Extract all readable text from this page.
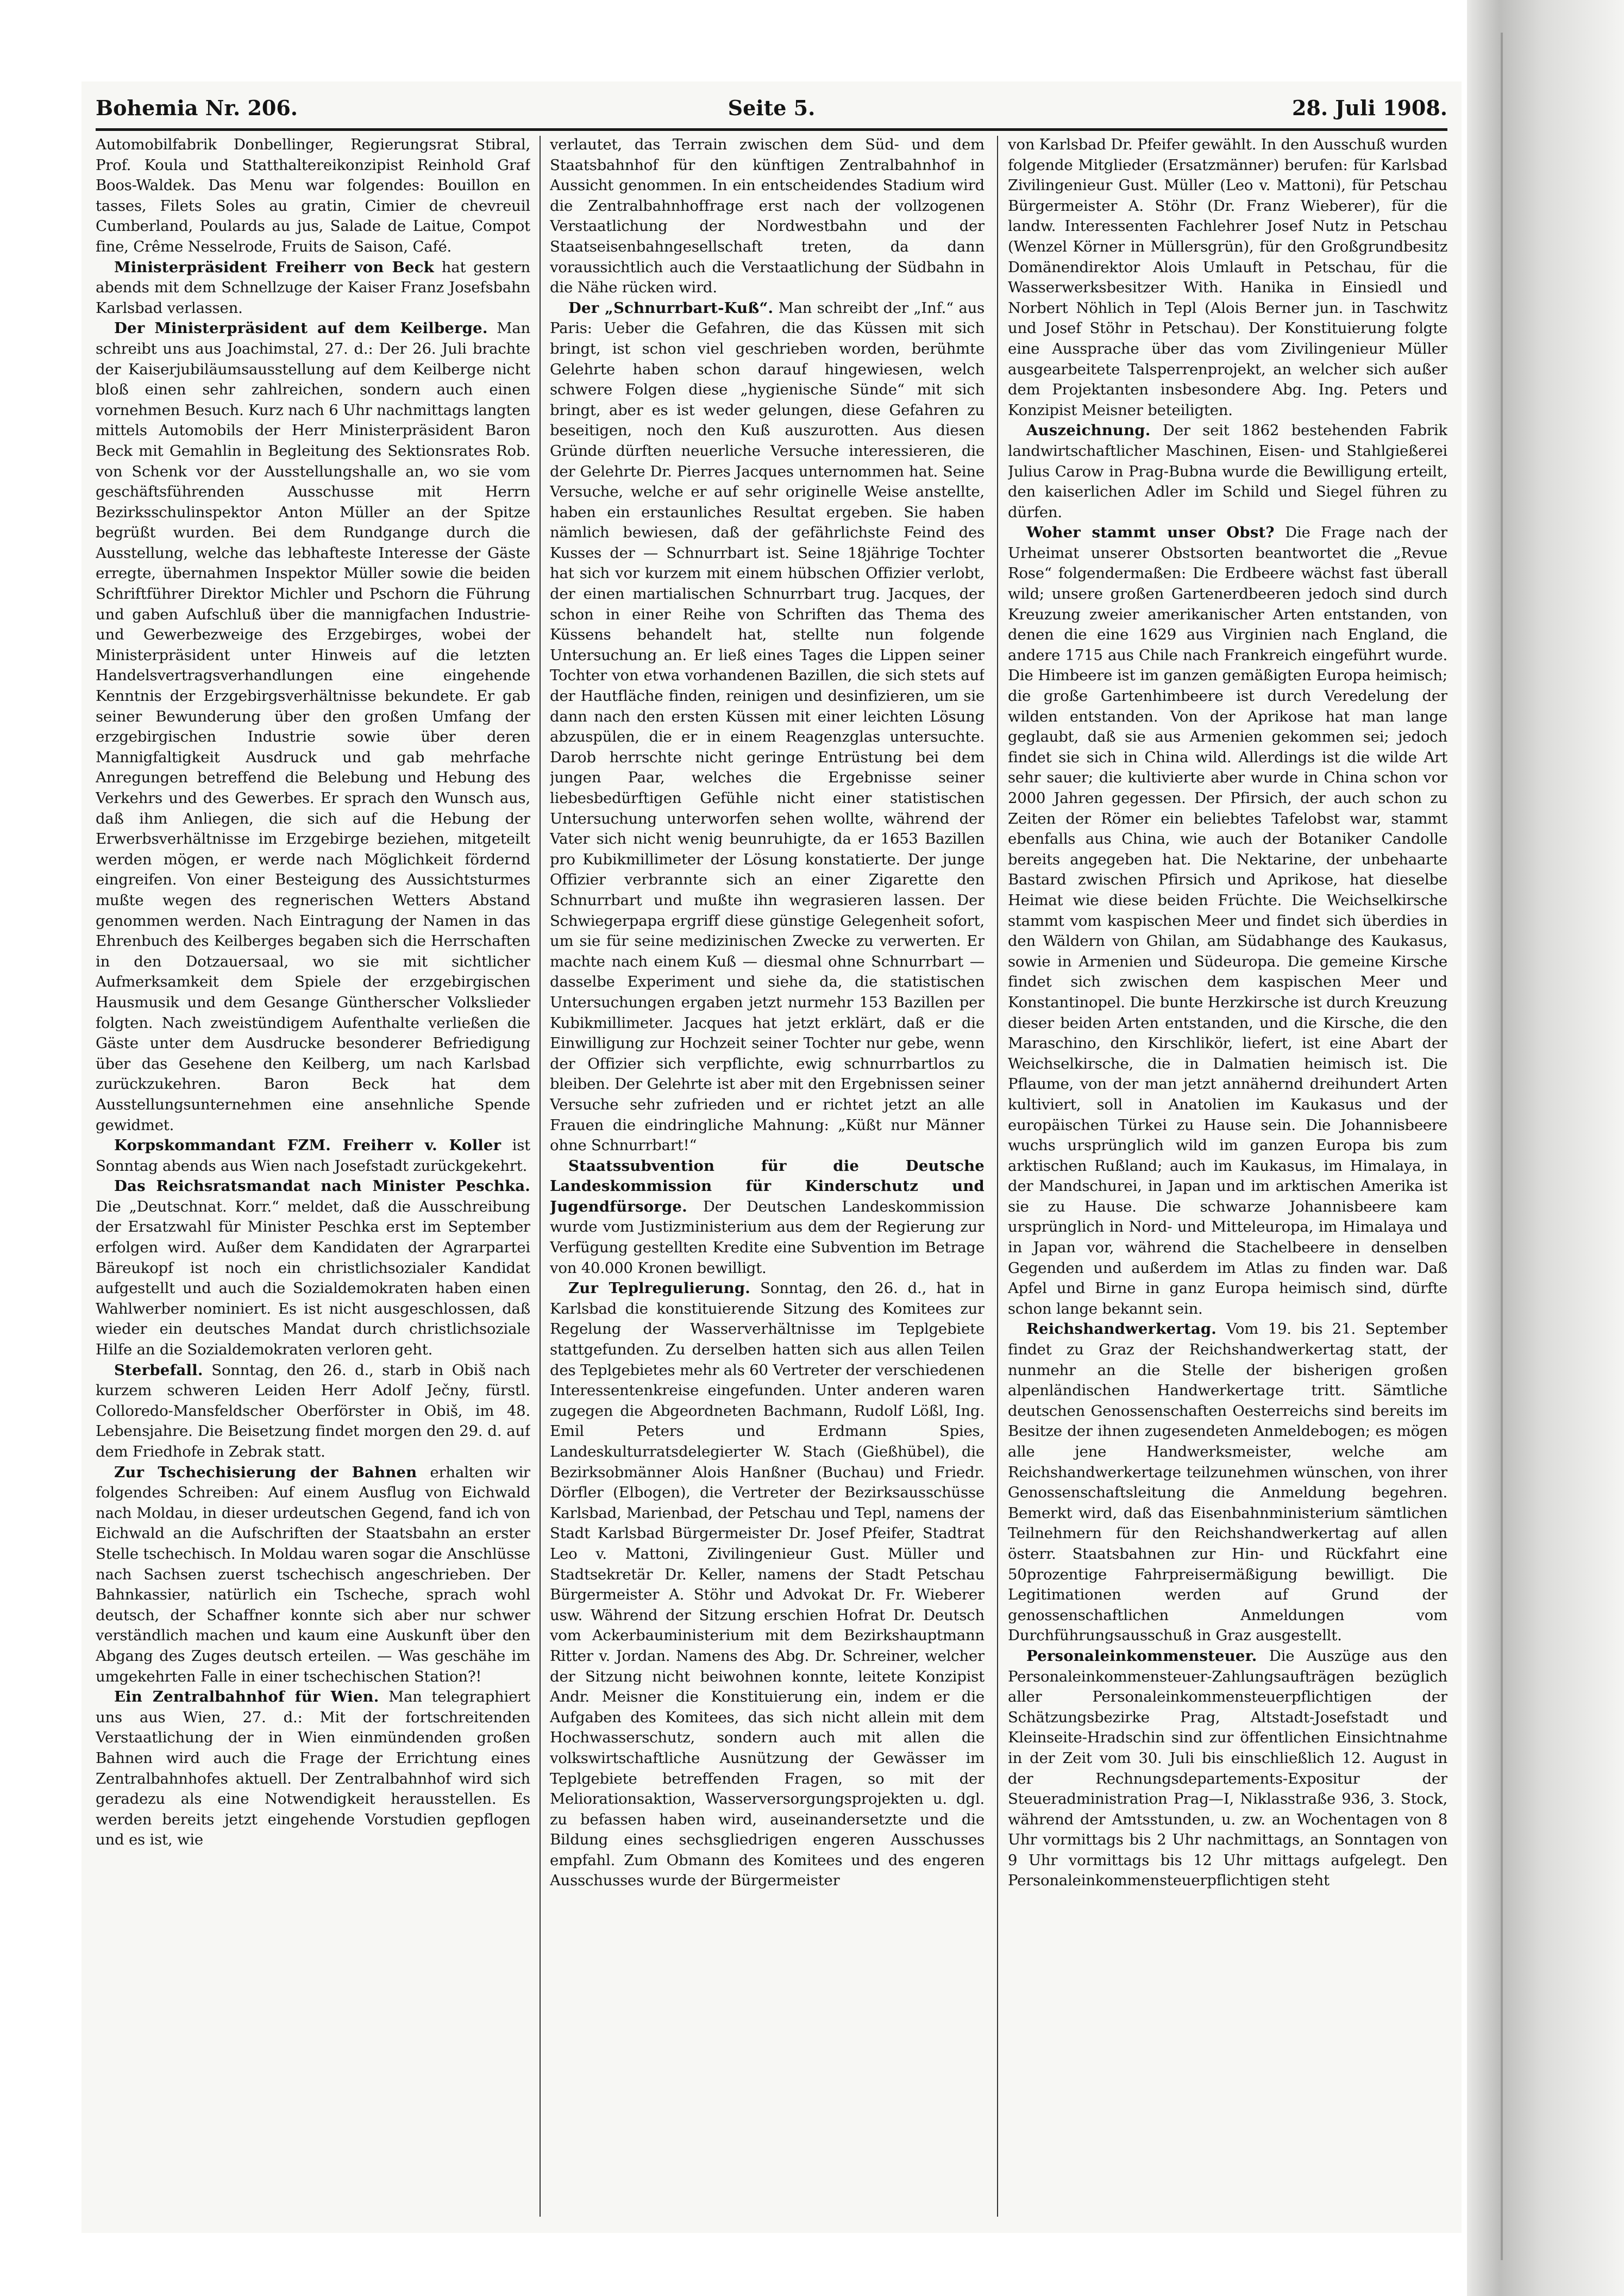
Bohemia Nr. 206.	Seite 5.	28. Juli 1908.

Automobilfabrik Donbellinger, Regierungsrat Stibral, Prof. Koula und Statthaltereikonzipist Reinhold Graf Boos-Waldek. Das Menu war folgendes: Bouillon en tasses, Filets Soles au gratin, Cimier de chevreuil Cumberland, Poulards au jus, Salade de Laitue, Compot fine, Crême Nesselrode, Fruits de Saison, Café.

Ministerpräsident Freiherr von Beck hat gestern abends mit dem Schnellzuge der Kaiser Franz Josefsbahn Karlsbad verlassen.

Der Ministerpräsident auf dem Keilberge. Man schreibt uns aus Joachimstal, 27. d.: Der 26. Juli brachte der Kaiserjubiläumsausstellung auf dem Keilberge nicht bloß einen sehr zahlreichen, sondern auch einen vornehmen Besuch. Kurz nach 6 Uhr nachmittags langten mittels Automobils der Herr Ministerpräsident Baron Beck mit Gemahlin in Begleitung des Sektionsrates Rob. von Schenk vor der Ausstellungshalle an, wo sie vom geschäftsführenden Ausschusse mit Herrn Bezirksschulinspektor Anton Müller an der Spitze begrüßt wurden. Bei dem Rundgange durch die Ausstellung, welche das lebhafteste Interesse der Gäste erregte, übernahmen Inspektor Müller sowie die beiden Schriftführer Direktor Michler und Pschorn die Führung und gaben Aufschluß über die mannigfachen Industrie- und Gewerbezweige des Erzgebirges, wobei der Ministerpräsident unter Hinweis auf die letzten Handelsvertragsverhandlungen eine eingehende Kenntnis der Erzgebirgsverhältnisse bekundete. Er gab seiner Bewunderung über den großen Umfang der erzgebirgischen Industrie sowie über deren Mannigfaltigkeit Ausdruck und gab mehrfache Anregungen betreffend die Belebung und Hebung des Verkehrs und des Gewerbes. Er sprach den Wunsch aus, daß ihm Anliegen, die sich auf die Hebung der Erwerbsverhältnisse im Erzgebirge beziehen, mitgeteilt werden mögen, er werde nach Möglichkeit fördernd eingreifen. Von einer Besteigung des Aussichtsturmes mußte wegen des regnerischen Wetters Abstand genommen werden. Nach Eintragung der Namen in das Ehrenbuch des Keilberges begaben sich die Herrschaften in den Dotzauersaal, wo sie mit sichtlicher Aufmerksamkeit dem Spiele der erzgebirgischen Hausmusik und dem Gesange Güntherscher Volkslieder folgten. Nach zweistündigem Aufenthalte verließen die Gäste unter dem Ausdrucke besonderer Befriedigung über das Gesehene den Keilberg, um nach Karlsbad zurückzukehren. Baron Beck hat dem Ausstellungsunternehmen eine ansehnliche Spende gewidmet.

Korpskommandant FZM. Freiherr v. Koller ist Sonntag abends aus Wien nach Josefstadt zurückgekehrt.

Das Reichsratsmandat nach Minister Peschka. Die „Deutschnat. Korr.“ meldet, daß die Ausschreibung der Ersatzwahl für Minister Peschka erst im September erfolgen wird. Außer dem Kandidaten der Agrarpartei Bäreukopf ist noch ein christlichsozialer Kandidat aufgestellt und auch die Sozialdemokraten haben einen Wahlwerber nominiert. Es ist nicht ausgeschlossen, daß wieder ein deutsches Mandat durch christlichsoziale Hilfe an die Sozialdemokraten verloren geht.

Sterbefall. Sonntag, den 26. d., starb in Obiš nach kurzem schweren Leiden Herr Adolf Ječny, fürstl. Colloredo-Mansfeldscher Oberförster in Obiš, im 48. Lebensjahre. Die Beisetzung findet morgen den 29. d. auf dem Friedhofe in Zebrak statt.

Zur Tschechisierung der Bahnen erhalten wir folgendes Schreiben: Auf einem Ausflug von Eichwald nach Moldau, in dieser urdeutschen Gegend, fand ich von Eichwald an die Aufschriften der Staatsbahn an erster Stelle tschechisch. In Moldau waren sogar die Anschlüsse nach Sachsen zuerst tschechisch angeschrieben. Der Bahnkassier, natürlich ein Tscheche, sprach wohl deutsch, der Schaffner konnte sich aber nur schwer verständlich machen und kaum eine Auskunft über den Abgang des Zuges deutsch erteilen. — Was geschähe im umgekehrten Falle in einer tschechischen Station?!

Ein Zentralbahnhof für Wien. Man telegraphiert uns aus Wien, 27. d.: Mit der fortschreitenden Verstaatlichung der in Wien einmündenden großen Bahnen wird auch die Frage der Errichtung eines Zentralbahnhofes aktuell. Der Zentralbahnhof wird sich geradezu als eine Notwendigkeit herausstellen. Es werden bereits jetzt eingehende Vorstudien gepflogen und es ist, wie

verlautet, das Terrain zwischen dem Süd- und dem Staatsbahnhof für den künftigen Zentralbahnhof in Aussicht genommen. In ein entscheidendes Stadium wird die Zentralbahnhoffrage erst nach der vollzogenen Verstaatlichung der Nordwestbahn und der Staatseisenbahngesellschaft treten, da dann voraussichtlich auch die Verstaatlichung der Südbahn in die Nähe rücken wird.

Der „Schnurrbart-Kuß“. Man schreibt der „Inf.“ aus Paris: Ueber die Gefahren, die das Küssen mit sich bringt, ist schon viel geschrieben worden, berühmte Gelehrte haben schon darauf hingewiesen, welch schwere Folgen diese „hygienische Sünde“ mit sich bringt, aber es ist weder gelungen, diese Gefahren zu beseitigen, noch den Kuß auszurotten. Aus diesen Gründe dürften neuerliche Versuche interessieren, die der Gelehrte Dr. Pierres Jacques unternommen hat. Seine Versuche, welche er auf sehr originelle Weise anstellte, haben ein erstaunliches Resultat ergeben. Sie haben nämlich bewiesen, daß der gefährlichste Feind des Kusses der — Schnurrbart ist. Seine 18jährige Tochter hat sich vor kurzem mit einem hübschen Offizier verlobt, der einen martialischen Schnurrbart trug. Jacques, der schon in einer Reihe von Schriften das Thema des Küssens behandelt hat, stellte nun folgende Untersuchung an. Er ließ eines Tages die Lippen seiner Tochter von etwa vorhandenen Bazillen, die sich stets auf der Hautfläche finden, reinigen und desinfizieren, um sie dann nach den ersten Küssen mit einer leichten Lösung abzuspülen, die er in einem Reagenzglas untersuchte. Darob herrschte nicht geringe Entrüstung bei dem jungen Paar, welches die Ergebnisse seiner liebesbedürftigen Gefühle nicht einer statistischen Untersuchung unterworfen sehen wollte, während der Vater sich nicht wenig beunruhigte, da er 1653 Bazillen pro Kubikmillimeter der Lösung konstatierte. Der junge Offizier verbrannte sich an einer Zigarette den Schnurrbart und mußte ihn wegrasieren lassen. Der Schwiegerpapa ergriff diese günstige Gelegenheit sofort, um sie für seine medizinischen Zwecke zu verwerten. Er machte nach einem Kuß — diesmal ohne Schnurrbart — dasselbe Experiment und siehe da, die statistischen Untersuchungen ergaben jetzt nurmehr 153 Bazillen per Kubikmillimeter. Jacques hat jetzt erklärt, daß er die Einwilligung zur Hochzeit seiner Tochter nur gebe, wenn der Offizier sich verpflichte, ewig schnurrbartlos zu bleiben. Der Gelehrte ist aber mit den Ergebnissen seiner Versuche sehr zufrieden und er richtet jetzt an alle Frauen die eindringliche Mahnung: „Küßt nur Männer ohne Schnurrbart!“

Staatssubvention für die Deutsche Landeskommission für Kinderschutz und Jugendfürsorge. Der Deutschen Landeskommission wurde vom Justizministerium aus dem der Regierung zur Verfügung gestellten Kredite eine Subvention im Betrage von 40.000 Kronen bewilligt.

Zur Teplregulierung. Sonntag, den 26. d., hat in Karlsbad die konstituierende Sitzung des Komitees zur Regelung der Wasserverhältnisse im Teplgebiete stattgefunden. Zu derselben hatten sich aus allen Teilen des Teplgebietes mehr als 60 Vertreter der verschiedenen Interessentenkreise eingefunden. Unter anderen waren zugegen die Abgeordneten Bachmann, Rudolf Lößl, Ing. Emil Peters und Erdmann Spies, Landeskulturratsdelegierter W. Stach (Gießhübel), die Bezirksobmänner Alois Hanßner (Buchau) und Friedr. Dörfler (Elbogen), die Vertreter der Bezirksausschüsse Karlsbad, Marienbad, der Petschau und Tepl, namens der Stadt Karlsbad Bürgermeister Dr. Josef Pfeifer, Stadtrat Leo v. Mattoni, Zivilingenieur Gust. Müller und Stadtsekretär Dr. Keller, namens der Stadt Petschau Bürgermeister A. Stöhr und Advokat Dr. Fr. Wieberer usw. Während der Sitzung erschien Hofrat Dr. Deutsch vom Ackerbauministerium mit dem Bezirkshauptmann Ritter v. Jordan. Namens des Abg. Dr. Schreiner, welcher der Sitzung nicht beiwohnen konnte, leitete Konzipist Andr. Meisner die Konstituierung ein, indem er die Aufgaben des Komitees, das sich nicht allein mit dem Hochwasserschutz, sondern auch mit allen die volkswirtschaftliche Ausnützung der Gewässer im Teplgebiete betreffenden Fragen, so mit der Meliorationsaktion, Wasserversorgungsprojekten u. dgl. zu befassen haben wird, auseinandersetzte und die Bildung eines sechsgliedrigen engeren Ausschusses empfahl. Zum Obmann des Komitees und des engeren Ausschusses wurde der Bürgermeister

von Karlsbad Dr. Pfeifer gewählt. In den Ausschuß wurden folgende Mitglieder (Ersatzmänner) berufen: für Karlsbad Zivilingenieur Gust. Müller (Leo v. Mattoni), für Petschau Bürgermeister A. Stöhr (Dr. Franz Wieberer), für die landw. Interessenten Fachlehrer Josef Nutz in Petschau (Wenzel Körner in Müllersgrün), für den Großgrundbesitz Domänendirektor Alois Umlauft in Petschau, für die Wasserwerksbesitzer With. Hanika in Einsiedl und Norbert Nöhlich in Tepl (Alois Berner jun. in Taschwitz und Josef Stöhr in Petschau). Der Konstituierung folgte eine Aussprache über das vom Zivilingenieur Müller ausgearbeitete Talsperrenprojekt, an welcher sich außer dem Projektanten insbesondere Abg. Ing. Peters und Konzipist Meisner beteiligten.

Auszeichnung. Der seit 1862 bestehenden Fabrik landwirtschaftlicher Maschinen, Eisen- und Stahlgießerei Julius Carow in Prag-Bubna wurde die Bewilligung erteilt, den kaiserlichen Adler im Schild und Siegel führen zu dürfen.

Woher stammt unser Obst? Die Frage nach der Urheimat unserer Obstsorten beantwortet die „Revue Rose“ folgendermaßen: Die Erdbeere wächst fast überall wild; unsere großen Gartenerdbeeren jedoch sind durch Kreuzung zweier amerikanischer Arten entstanden, von denen die eine 1629 aus Virginien nach England, die andere 1715 aus Chile nach Frankreich eingeführt wurde. Die Himbeere ist im ganzen gemäßigten Europa heimisch; die große Gartenhimbeere ist durch Veredelung der wilden entstanden. Von der Aprikose hat man lange geglaubt, daß sie aus Armenien gekommen sei; jedoch findet sie sich in China wild. Allerdings ist die wilde Art sehr sauer; die kultivierte aber wurde in China schon vor 2000 Jahren gegessen. Der Pfirsich, der auch schon zu Zeiten der Römer ein beliebtes Tafelobst war, stammt ebenfalls aus China, wie auch der Botaniker Candolle bereits angegeben hat. Die Nektarine, der unbehaarte Bastard zwischen Pfirsich und Aprikose, hat dieselbe Heimat wie diese beiden Früchte. Die Weichselkirsche stammt vom kaspischen Meer und findet sich überdies in den Wäldern von Ghilan, am Südabhange des Kaukasus, sowie in Armenien und Südeuropa. Die gemeine Kirsche findet sich zwischen dem kaspischen Meer und Konstantinopel. Die bunte Herzkirsche ist durch Kreuzung dieser beiden Arten entstanden, und die Kirsche, die den Maraschino, den Kirschlikör, liefert, ist eine Abart der Weichselkirsche, die in Dalmatien heimisch ist. Die Pflaume, von der man jetzt annähernd dreihundert Arten kultiviert, soll in Anatolien im Kaukasus und der europäischen Türkei zu Hause sein. Die Johannisbeere wuchs ursprünglich wild im ganzen Europa bis zum arktischen Rußland; auch im Kaukasus, im Himalaya, in der Mandschurei, in Japan und im arktischen Amerika ist sie zu Hause. Die schwarze Johannisbeere kam ursprünglich in Nord- und Mitteleuropa, im Himalaya und in Japan vor, während die Stachelbeere in denselben Gegenden und außerdem im Atlas zu finden war. Daß Apfel und Birne in ganz Europa heimisch sind, dürfte schon lange bekannt sein.

Reichshandwerkertag. Vom 19. bis 21. September findet zu Graz der Reichshandwerkertag statt, der nunmehr an die Stelle der bisherigen großen alpenländischen Handwerkertage tritt. Sämtliche deutschen Genossenschaften Oesterreichs sind bereits im Besitze der ihnen zugesendeten Anmeldebogen; es mögen alle jene Handwerksmeister, welche am Reichshandwerkertage teilzunehmen wünschen, von ihrer Genossenschaftsleitung die Anmeldung begehren. Bemerkt wird, daß das Eisenbahnministerium sämtlichen Teilnehmern für den Reichshandwerkertag auf allen österr. Staatsbahnen zur Hin- und Rückfahrt eine 50prozentige Fahrpreisermäßigung bewilligt. Die Legitimationen werden auf Grund der genossenschaftlichen Anmeldungen vom Durchführungsausschuß in Graz ausgestellt.

Personaleinkommensteuer. Die Auszüge aus den Personaleinkommensteuer-Zahlungsaufträgen bezüglich aller Personaleinkommensteuerpflichtigen der Schätzungsbezirke Prag, Altstadt-Josefstadt und Kleinseite-Hradschin sind zur öffentlichen Einsichtnahme in der Zeit vom 30. Juli bis einschließlich 12. August in der Rechnungsdepartements-Expositur der Steueradministration Prag—I, Niklasstraße 936, 3. Stock, während der Amtsstunden, u. zw. an Wochentagen von 8 Uhr vormittags bis 2 Uhr nachmittags, an Sonntagen von 9 Uhr vormittags bis 12 Uhr mittags aufgelegt. Den Personaleinkommensteuerpflichtigen steht
